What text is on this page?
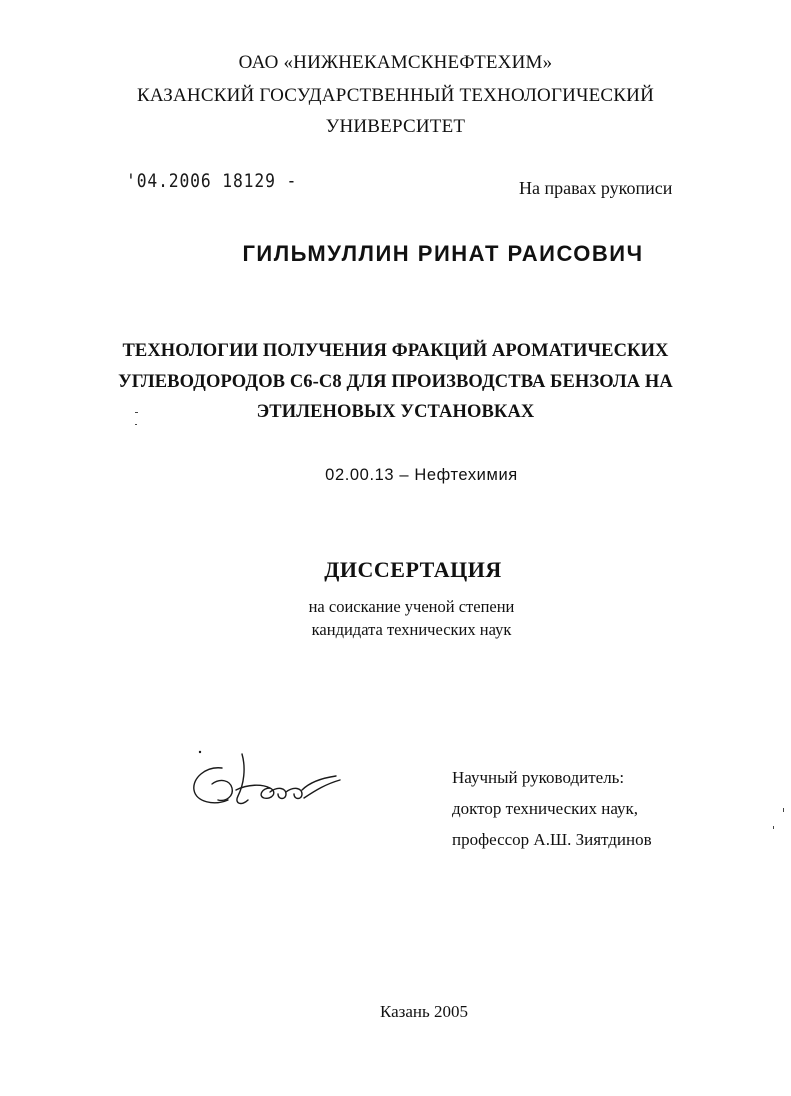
ОАО «НИЖНЕКАМСКНЕФТЕХИМ»
КАЗАНСКИЙ ГОСУДАРСТВЕННЫЙ ТЕХНОЛОГИЧЕСКИЙ
УНИВЕРСИТЕТ
'04.2006 18129 -	На правах рукописи
ГИЛЬМУЛЛИН РИНАТ РАИСОВИЧ
ТЕХНОЛОГИИ ПОЛУЧЕНИЯ ФРАКЦИЙ АРОМАТИЧЕСКИХ
УГЛЕВОДОРОДОВ С6-С8 ДЛЯ ПРОИЗВОДСТВА БЕНЗОЛА НА
ЭТИЛЕНОВЫХ УСТАНОВКАХ
02.00.13 – Нефтехимия
ДИССЕРТАЦИЯ
на соискание ученой степени
кандидата технических наук
Научный руководитель:
доктор технических наук,
профессор А.Ш. Зиятдинов
Казань 2005
